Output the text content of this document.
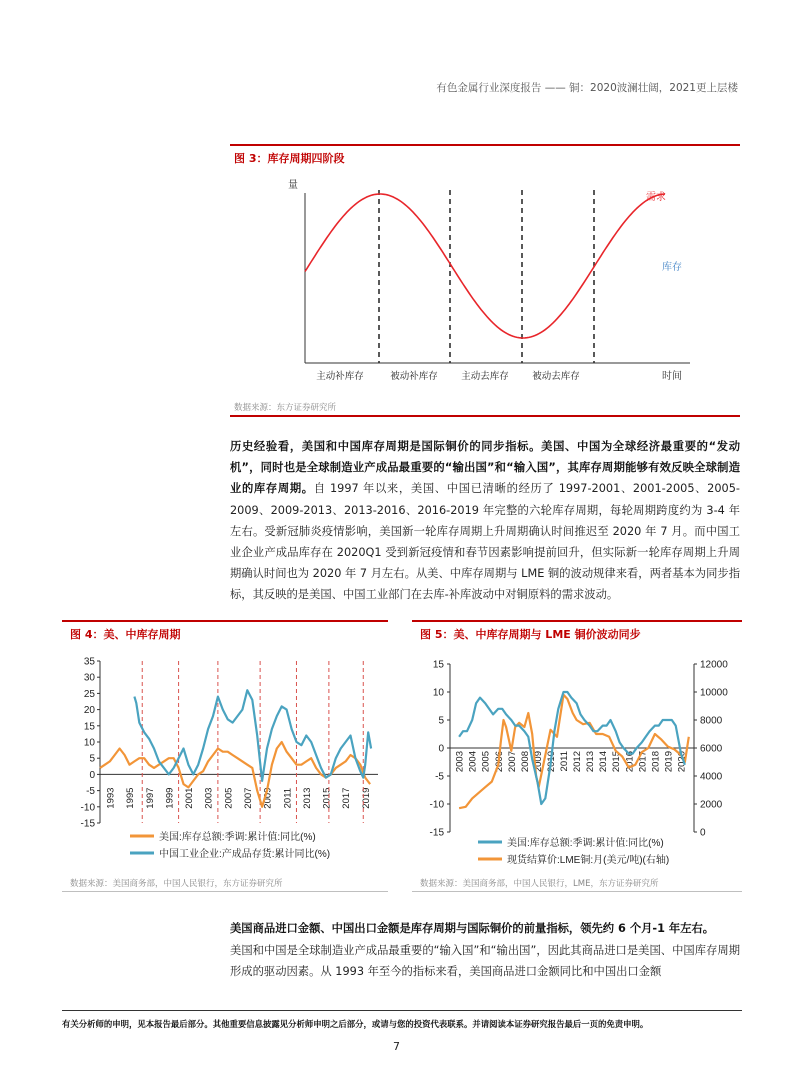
有色金属行业深度报告 —— 铜：2020波澜壮阔，2021更上层楼
图 3：库存周期四阶段
量
时间
需求
库存
主动补库存	被动补库存 主动去库存 被动去库存
数据来源：东方证券研究所
历史经验看，美国和中国库存周期是国际铜价的同步指标。美国、中国为全球经济最重要的“发动机”，同时也是全球制造业产成品最重要的“输出国”和“输入国”，其库存周期能够有效反映全球制造业的库存周期。自 1997 年以来，美国、中国已清晰的经历了 1997-2001、2001-2005、2005-2009、2009-2013、2013-2016、2016-2019 年完整的六轮库存周期，每轮周期跨度约为 3-4 年左右。受新冠肺炎疫情影响，美国新一轮库存周期上升周期确认时间推迟至 2020 年 7 月。而中国工业企业产成品库存在 2020Q1 受到新冠疫情和春节因素影响提前回升，但实际新一轮库存周期上升周期确认时间也为 2020 年 7 月左右。从美、中库存周期与 LME 铜的波动规律来看，两者基本为同步指标，其反映的是美国、中国工业部门在去库-补库波动中对铜原料的需求波动。
图 4：美、中库存周期
-15
-10
-5
0
5
10
15
20
25
30
35
1993 1995 1997 1999 2001 2003 2005 2007 2009 2011 2013 2015 2017 2019
美国:库存总额:季调:累计值:同比(%)
中国工业企业:产成品存货:累计同比(%)
数据来源：美国商务部，中国人民银行，东方证券研究所
图 5：美、中库存周期与 LME 铜价波动同步
-15
-10
-5
0
5
10
15
0
2000
4000
6000
8000
10000
12000
2003 2004 2005 2006 2007 2008 2009 2010 2011 2012 2013 2014 2015 2016 2017 2018 2019 2020
美国:库存总额:季调:累计值:同比(%)
现货结算价:LME铜:月(美元/吨)(右轴)
数据来源：美国商务部，中国人民银行，LME，东方证券研究所
美国商品进口金额、中国出口金额是库存周期与国际铜价的前量指标，领先约 6 个月-1 年左右。
美国和中国是全球制造业产成品最重要的“输入国”和“输出国”，因此其商品进口是美国、中国库存周期形成的驱动因素。从 1993 年至今的指标来看，美国商品进口金额同比和中国出口金额
有关分析师的申明，见本报告最后部分。其他重要信息披露见分析师申明之后部分，或请与您的投资代表联系。并请阅读本证券研究报告最后一页的免责申明。
7
